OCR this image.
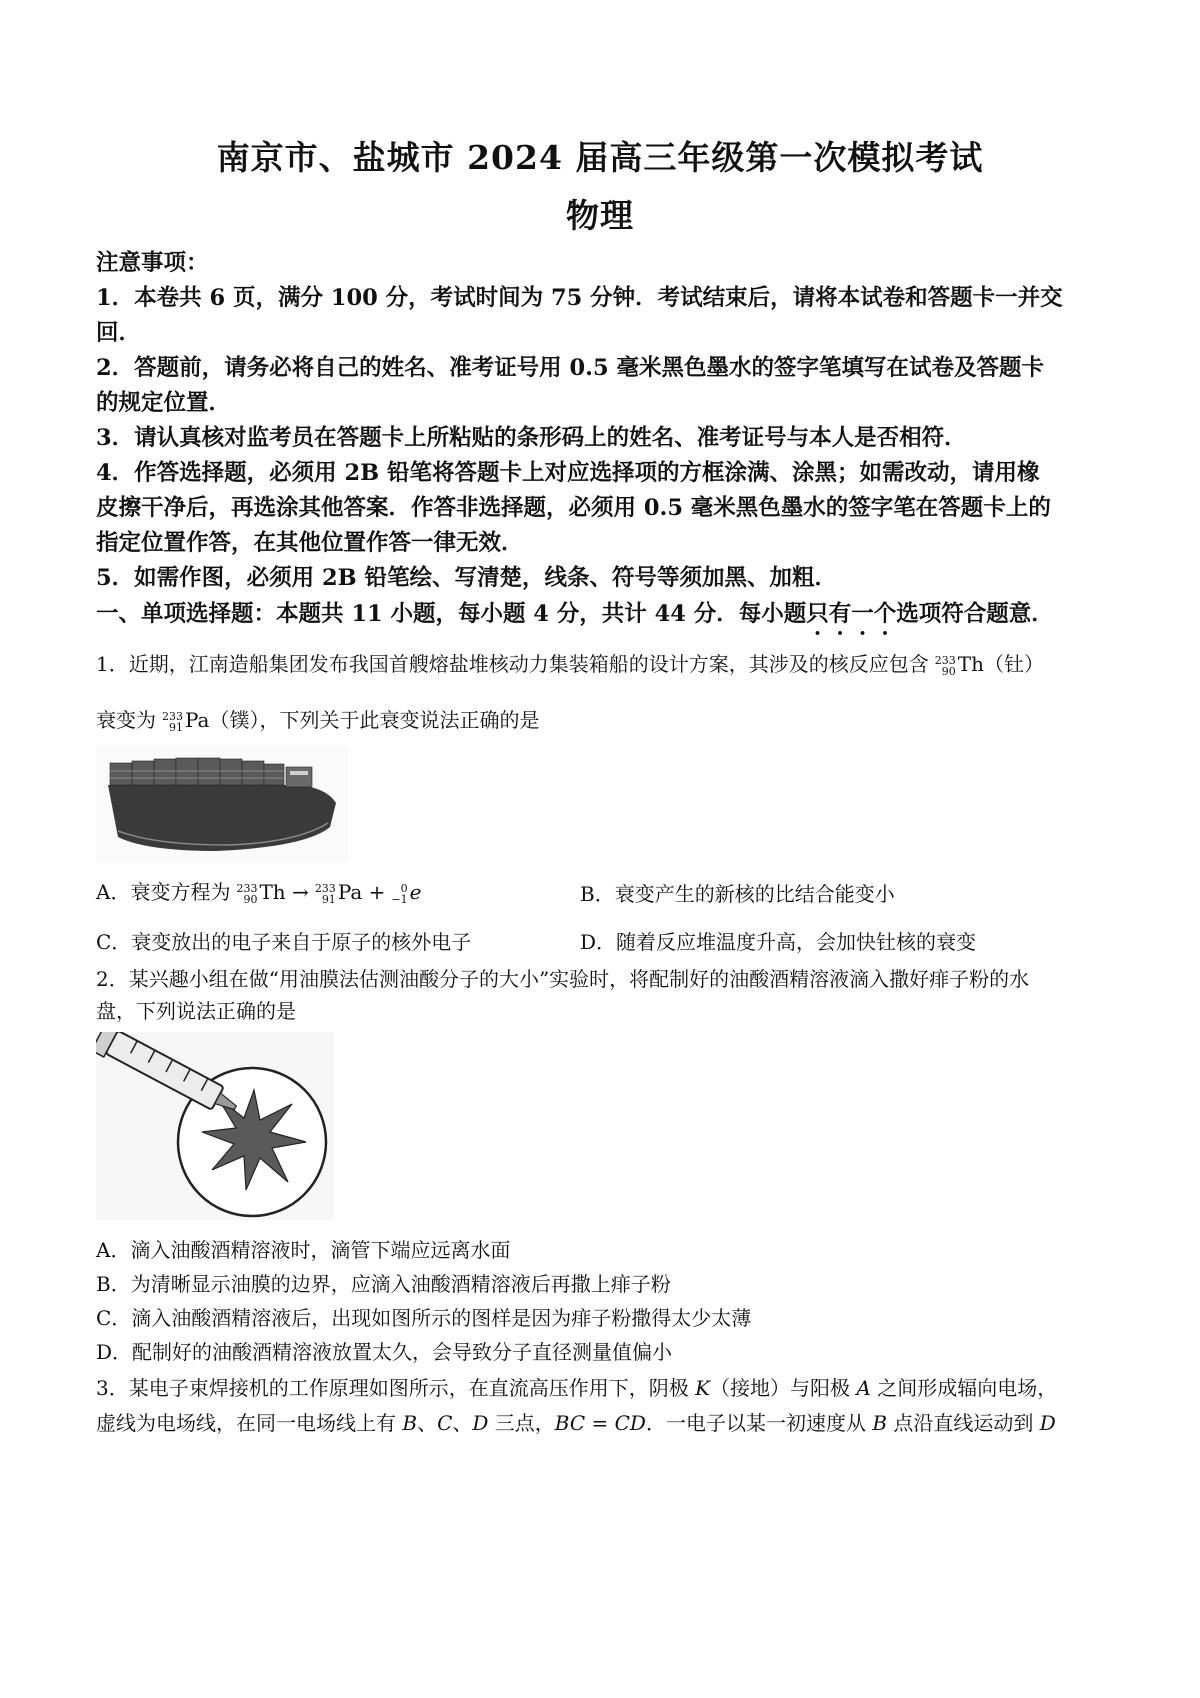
南京市、盐城市 2024 届高三年级第一次模拟考试
物理
注意事项：
1．本卷共 6 页，满分 100 分，考试时间为 75 分钟．考试结束后，请将本试卷和答题卡一并交
回．
2．答题前，请务必将自己的姓名、准考证号用 0.5 毫米黑色墨水的签字笔填写在试卷及答题卡
的规定位置．
3．请认真核对监考员在答题卡上所粘贴的条形码上的姓名、准考证号与本人是否相符．
4．作答选择题，必须用 2B 铅笔将答题卡上对应选择项的方框涂满、涂黑；如需改动，请用橡
皮擦干净后，再选涂其他答案．作答非选择题，必须用 0.5 毫米黑色墨水的签字笔在答题卡上的
指定位置作答，在其他位置作答一律无效．
5．如需作图，必须用 2B 铅笔绘、写清楚，线条、符号等须加黑、加粗．
一、单项选择题：本题共 11 小题，每小题 4 分，共计 44 分．每小题只有一个选项符合题意．
1．近期，江南造船集团发布我国首艘熔盐堆核动力集装箱船的设计方案，其涉及的核反应包含 233
90 Th（钍）
衰变为 233
91 Pa（镤），下列关于此衰变说法正确的是
A．衰变方程为 233
90 Th → 233
91 Pa + 0
−1 e	B．衰变产生的新核的比结合能变小
C．衰变放出的电子来自于原子的核外电子	D．随着反应堆温度升高，会加快钍核的衰变
2．某兴趣小组在做“用油膜法估测油酸分子的大小”实验时，将配制好的油酸酒精溶液滴入撒好痱子粉的水
盘，下列说法正确的是
A．滴入油酸酒精溶液时，滴管下端应远离水面
B．为清晰显示油膜的边界，应滴入油酸酒精溶液后再撒上痱子粉
C．滴入油酸酒精溶液后，出现如图所示的图样是因为痱子粉撒得太少太薄
D．配制好的油酸酒精溶液放置太久，会导致分子直径测量值偏小
3．某电子束焊接机的工作原理如图所示，在直流高压作用下，阴极 K（接地）与阳极 A 之间形成辐向电场，
虚线为电场线，在同一电场线上有 B、C、D 三点，BC = CD．一电子以某一初速度从 B 点沿直线运动到 D
